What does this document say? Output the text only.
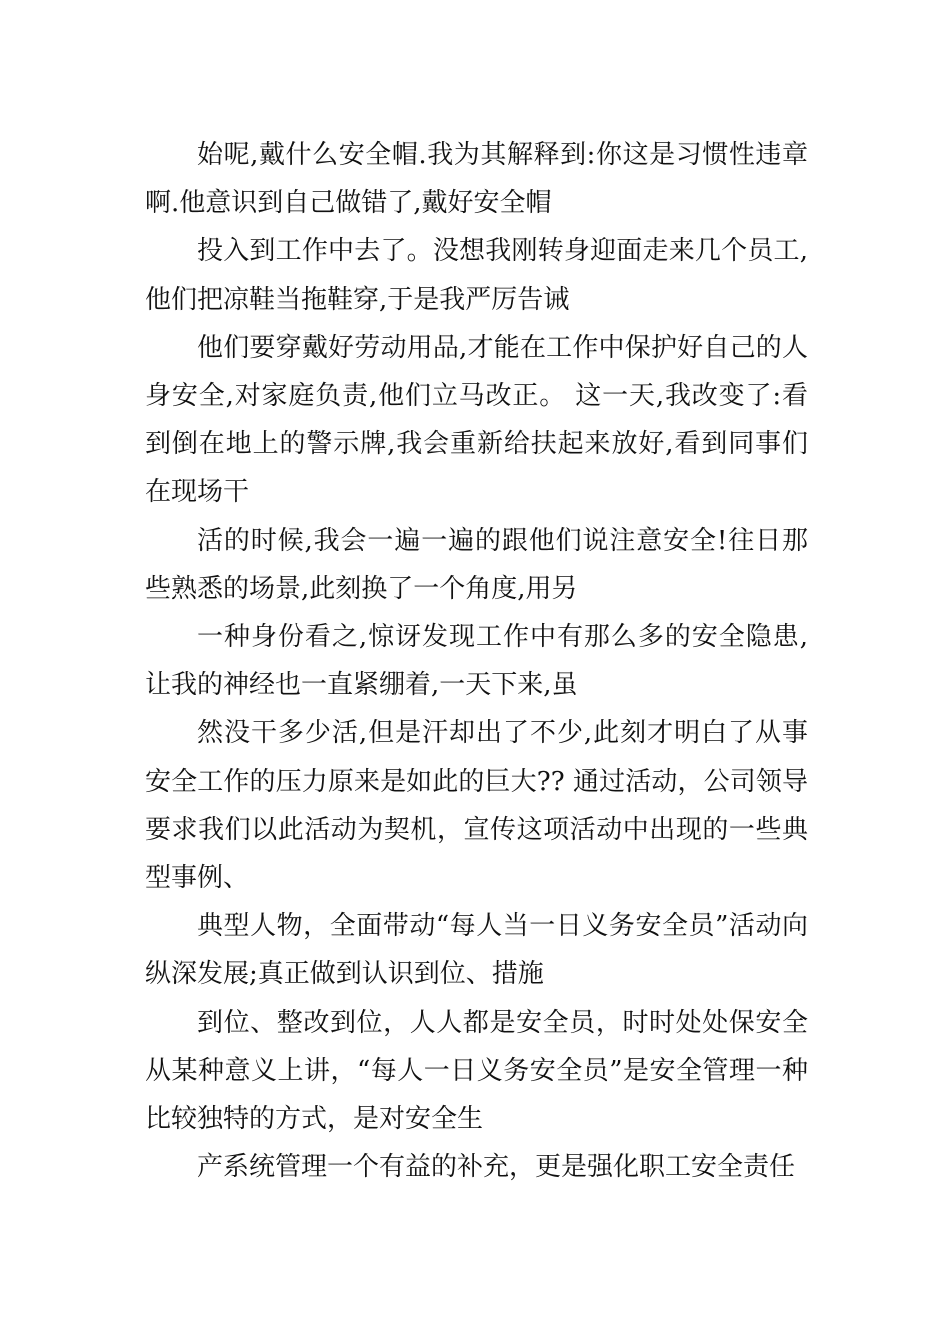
始呢,戴什么安全帽.我为其解释到:你这是习惯性违章啊.他意识到自己做错了,戴好安全帽

投入到工作中去了。没想我刚转身迎面走来几个员工,他们把凉鞋当拖鞋穿,于是我严厉告诫

他们要穿戴好劳动用品,才能在工作中保护好自己的人身安全,对家庭负责,他们立马改正。 这一天,我改变了:看到倒在地上的警示牌,我会重新给扶起来放好,看到同事们在现场干

活的时候,我会一遍一遍的跟他们说注意安全!往日那些熟悉的场景,此刻换了一个角度,用另

一种身份看之,惊讶发现工作中有那么多的安全隐患,让我的神经也一直紧绷着,一天下来,虽

然没干多少活,但是汗却出了不少,此刻才明白了从事安全工作的压力原来是如此的巨大?? 通过活动，公司领导要求我们以此活动为契机，宣传这项活动中出现的一些典型事例、

典型人物，全面带动“每人当一日义务安全员”活动向纵深发展;真正做到认识到位、措施

到位、整改到位，人人都是安全员，时时处处保安全 从某种意义上讲，“每人一日义务安全员”是安全管理一种比较独特的方式，是对安全生

产系统管理一个有益的补充，更是强化职工安全责任
